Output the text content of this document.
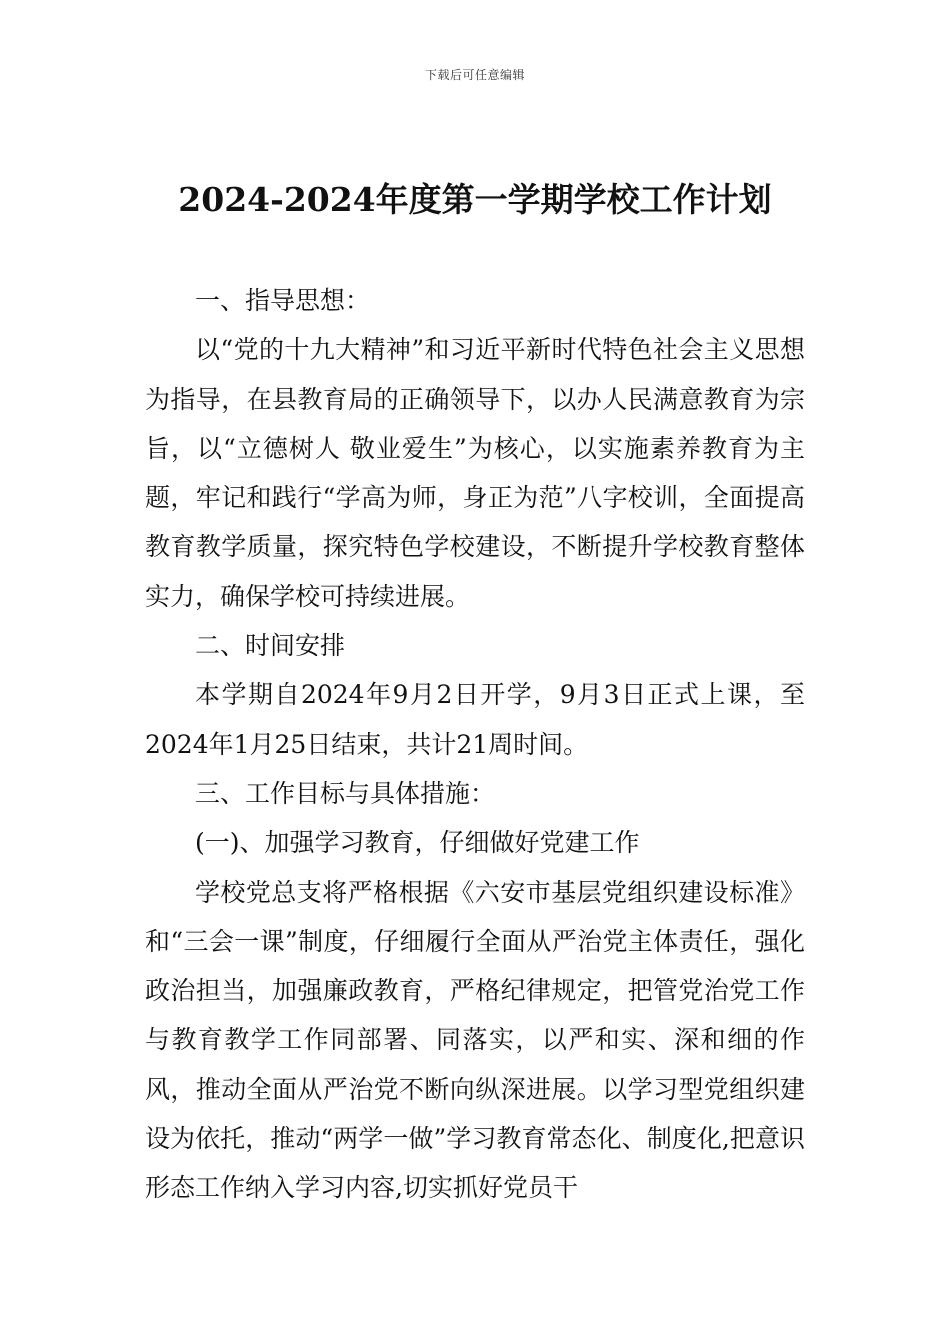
下载后可任意编辑
2024-2024年度第一学期学校工作计划

一、指导思想：

以“党的十九大精神”和习近平新时代特色社会主义思想为指导，在县教育局的正确领导下，以办人民满意教育为宗旨，以“立德树人 敬业爱生”为核心，以实施素养教育为主题，牢记和践行“学高为师，身正为范”八字校训，全面提高教育教学质量，探究特色学校建设，不断提升学校教育整体实力，确保学校可持续进展。

二、时间安排

本学期自2024年9月2日开学，9月3日正式上课，至2024年1月25日结束，共计21周时间。

三、工作目标与具体措施：

(一)、加强学习教育，仔细做好党建工作

学校党总支将严格根据《六安市基层党组织建设标准》和“三会一课”制度，仔细履行全面从严治党主体责任，强化政治担当，加强廉政教育，严格纪律规定，把管党治党工作与教育教学工作同部署、同落实，以严和实、深和细的作风，推动全面从严治党不断向纵深进展。以学习型党组织建设为依托，推动“两学一做”学习教育常态化、制度化,把意识形态工作纳入学习内容,切实抓好党员干
